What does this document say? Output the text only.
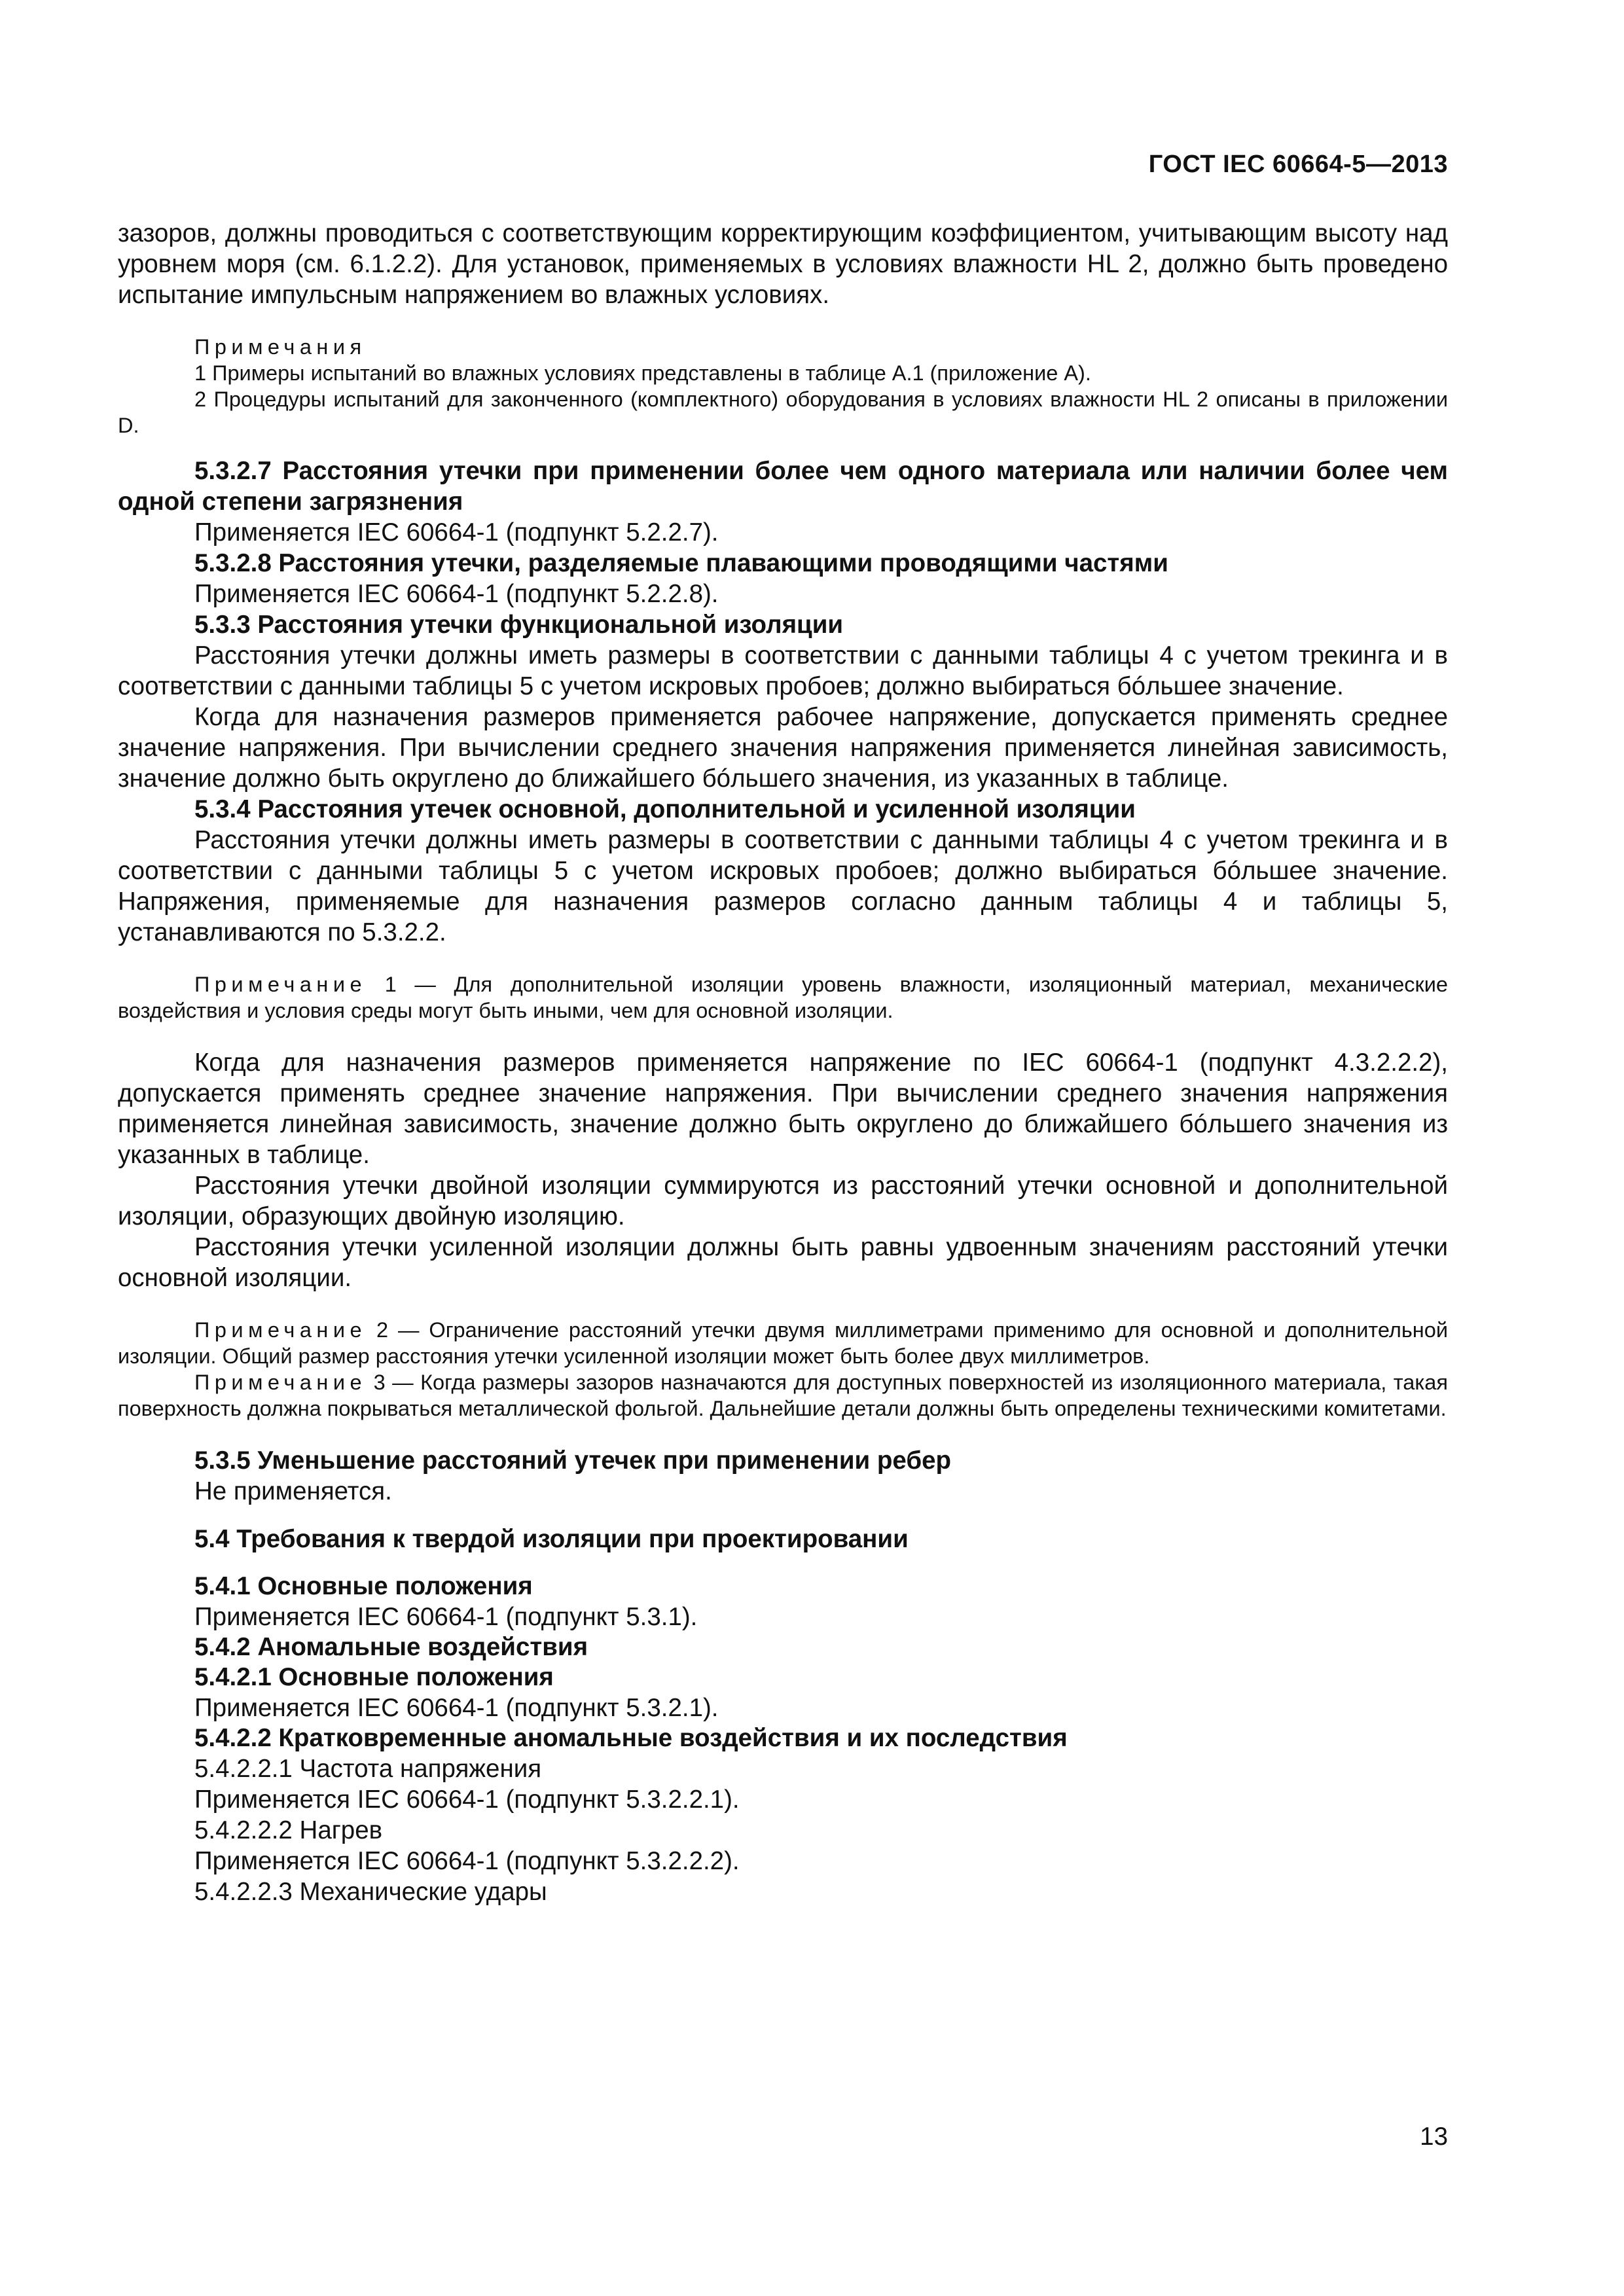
ГОСТ IEC 60664-5—2013

зазоров, должны проводиться с соответствующим корректирующим коэффициентом, учитывающим высоту над уровнем моря (см. 6.1.2.2). Для установок, применяемых в условиях влажности HL 2, должно быть проведено испытание импульсным напряжением во влажных условиях.

Примечания

1 Примеры испытаний во влажных условиях представлены в таблице А.1 (приложение А).

2 Процедуры испытаний для законченного (комплектного) оборудования в условиях влажности HL 2 описаны в приложении D.

5.3.2.7 Расстояния утечки при применении более чем одного материала или наличии более чем одной степени загрязнения

Применяется IEC 60664-1 (подпункт 5.2.2.7).

5.3.2.8 Расстояния утечки, разделяемые плавающими проводящими частями

Применяется IEC 60664-1 (подпункт 5.2.2.8).

5.3.3 Расстояния утечки функциональной изоляции

Расстояния утечки должны иметь размеры в соответствии с данными таблицы 4 с учетом трекинга и в соответствии с данными таблицы 5 с учетом искровых пробоев; должно выбираться бóльшее значение.

Когда для назначения размеров применяется рабочее напряжение, допускается применять среднее значение напряжения. При вычислении среднего значения напряжения применяется линейная зависимость, значение должно быть округлено до ближайшего бóльшего значения, из указанных в таблице.

5.3.4 Расстояния утечек основной, дополнительной и усиленной изоляции

Расстояния утечки должны иметь размеры в соответствии с данными таблицы 4 с учетом трекинга и в соответствии с данными таблицы 5 с учетом искровых пробоев; должно выбираться бóльшее значение. Напряжения, применяемые для назначения размеров согласно данным таблицы 4 и таблицы 5, устанавливаются по 5.3.2.2.

Примечание 1 — Для дополнительной изоляции уровень влажности, изоляционный материал, механические воздействия и условия среды могут быть иными, чем для основной изоляции.

Когда для назначения размеров применяется напряжение по IEC 60664-1 (подпункт 4.3.2.2.2), допускается применять среднее значение напряжения. При вычислении среднего значения напряжения применяется линейная зависимость, значение должно быть округлено до ближайшего бóльшего значения из указанных в таблице.

Расстояния утечки двойной изоляции суммируются из расстояний утечки основной и дополнительной изоляции, образующих двойную изоляцию.

Расстояния утечки усиленной изоляции должны быть равны удвоенным значениям расстояний утечки основной изоляции.

Примечание 2 — Ограничение расстояний утечки двумя миллиметрами применимо для основной и дополнительной изоляции. Общий размер расстояния утечки усиленной изоляции может быть более двух миллиметров.

Примечание 3 — Когда размеры зазоров назначаются для доступных поверхностей из изоляционного материала, такая поверхность должна покрываться металлической фольгой. Дальнейшие детали должны быть определены техническими комитетами.

5.3.5 Уменьшение расстояний утечек при применении ребер

Не применяется.

5.4 Требования к твердой изоляции при проектировании

5.4.1 Основные положения

Применяется IEC 60664-1 (подпункт 5.3.1).

5.4.2 Аномальные воздействия

5.4.2.1 Основные положения

Применяется IEC 60664-1 (подпункт 5.3.2.1).

5.4.2.2 Кратковременные аномальные воздействия и их последствия

5.4.2.2.1 Частота напряжения

Применяется IEC 60664-1 (подпункт 5.3.2.2.1).

5.4.2.2.2 Нагрев

Применяется IEC 60664-1 (подпункт 5.3.2.2.2).

5.4.2.2.3 Механические удары

13
